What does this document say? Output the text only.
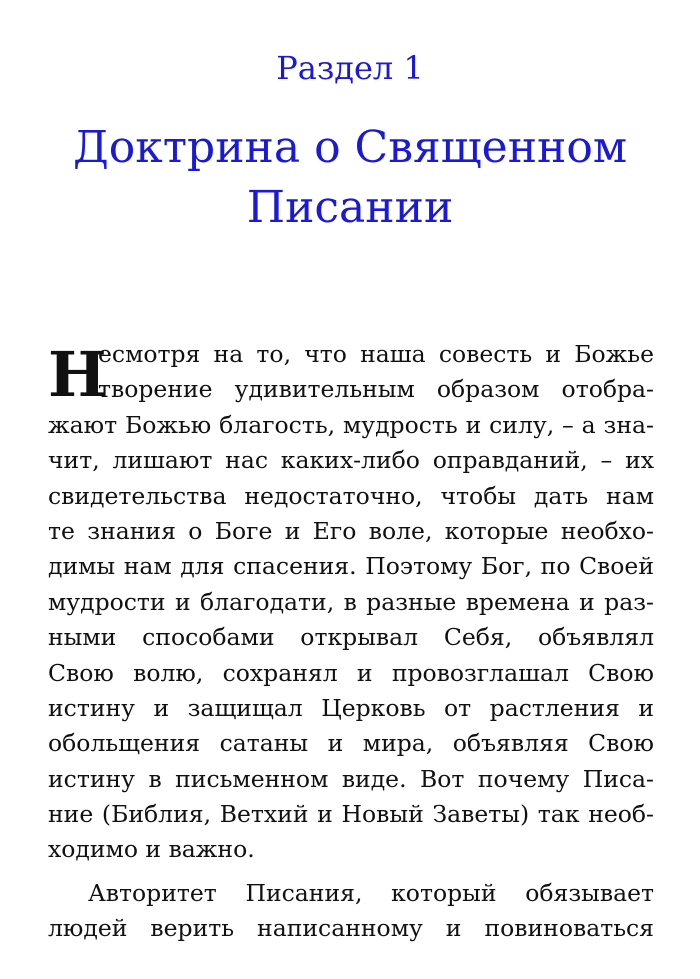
Раздел 1
Доктрина о Священном
Писании
Н
есмотря на то, что наша совесть и Божье
творение удивительным образом отобра-
жают Божью благость, мудрость и силу, – а зна-
чит, лишают нас каких-либо оправданий, – их
свидетельства недостаточно, чтобы дать нам
те знания о Боге и Его воле, которые необхо-
димы нам для спасения. Поэтому Бог, по Своей
мудрости и благодати, в разные времена и раз-
ными способами открывал Себя, объявлял
Свою волю, сохранял и провозглашал Свою
истину и защищал Церковь от растления и
обольщения сатаны и мира, объявляя Свою
истину в письменном виде. Вот почему Писа-
ние (Библия, Ветхий и Новый Заветы) так необ-
ходимо и важно.
Авторитет Писания, который обязывает
людей верить написанному и повиноваться
